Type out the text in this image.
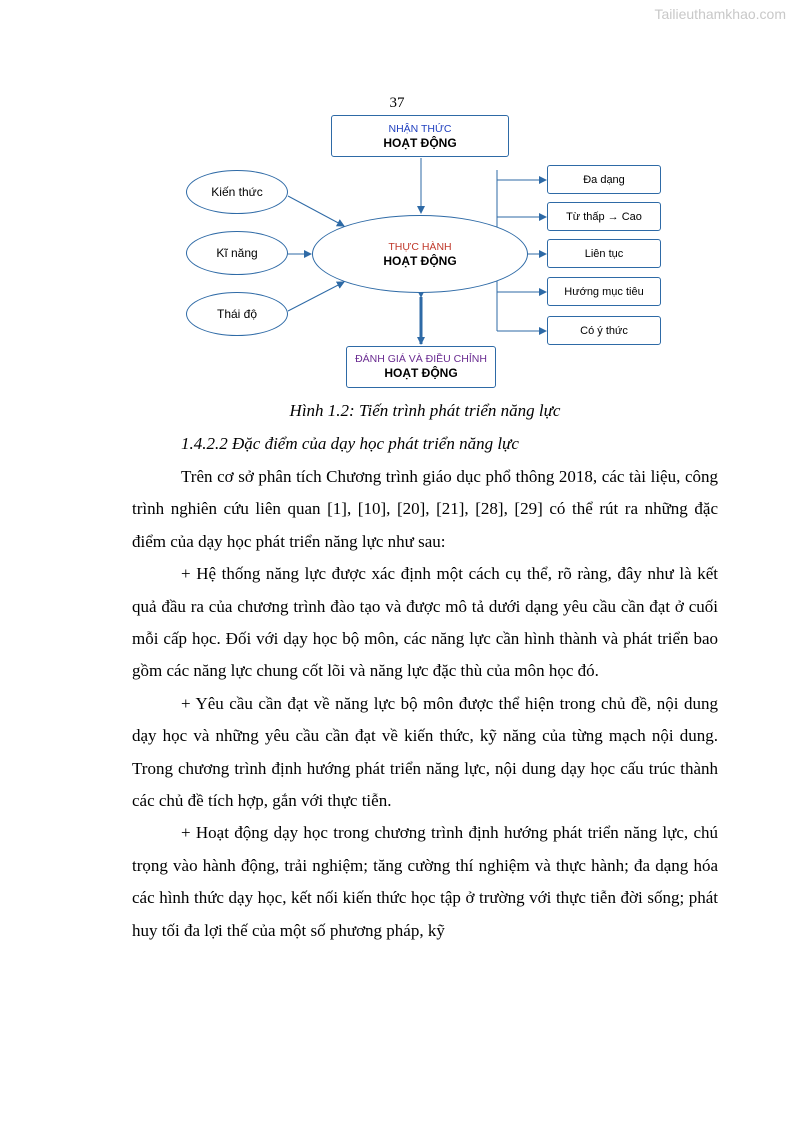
Tailieuthamkhao.com
37
NHẬN THỨC
HOẠT ĐỘNG
THỰC HÀNH
HOẠT ĐỘNG
Kiến thức
Kĩ năng
Thái độ
ĐÁNH GIÁ VÀ ĐIỀU CHỈNH
HOẠT ĐỘNG
Đa dạng
Từ thấp → Cao
Liên tục
Hướng mục tiêu
Có ý thức
Hình 1.2: Tiến trình phát triển năng lực
1.4.2.2 Đặc điểm của dạy học phát triển năng lực

Trên cơ sở phân tích Chương trình giáo dục phổ thông 2018, các tài liệu, công trình nghiên cứu liên quan [1], [10], [20], [21], [28], [29] có thể rút ra những đặc điểm của dạy học phát triển năng lực như sau:

+ Hệ thống năng lực được xác định một cách cụ thể, rõ ràng, đây như là kết quả đầu ra của chương trình đào tạo và được mô tả dưới dạng yêu cầu cần đạt ở cuối mỗi cấp học. Đối với dạy học bộ môn, các năng lực cần hình thành và phát triển bao gồm các năng lực chung cốt lõi và năng lực đặc thù của môn học đó.

+ Yêu cầu cần đạt về năng lực bộ môn được thể hiện trong chủ đề, nội dung dạy học và những yêu cầu cần đạt về kiến thức, kỹ năng của từng mạch nội dung. Trong chương trình định hướng phát triển năng lực, nội dung dạy học cấu trúc thành các chủ đề tích hợp, gắn với thực tiễn.

+ Hoạt động dạy học trong chương trình định hướng phát triển năng lực, chú trọng vào hành động, trải nghiệm; tăng cường thí nghiệm và thực hành; đa dạng hóa các hình thức dạy học, kết nối kiến thức học tập ở trường với thực tiễn đời sống; phát huy tối đa lợi thế của một số phương pháp, kỹ
